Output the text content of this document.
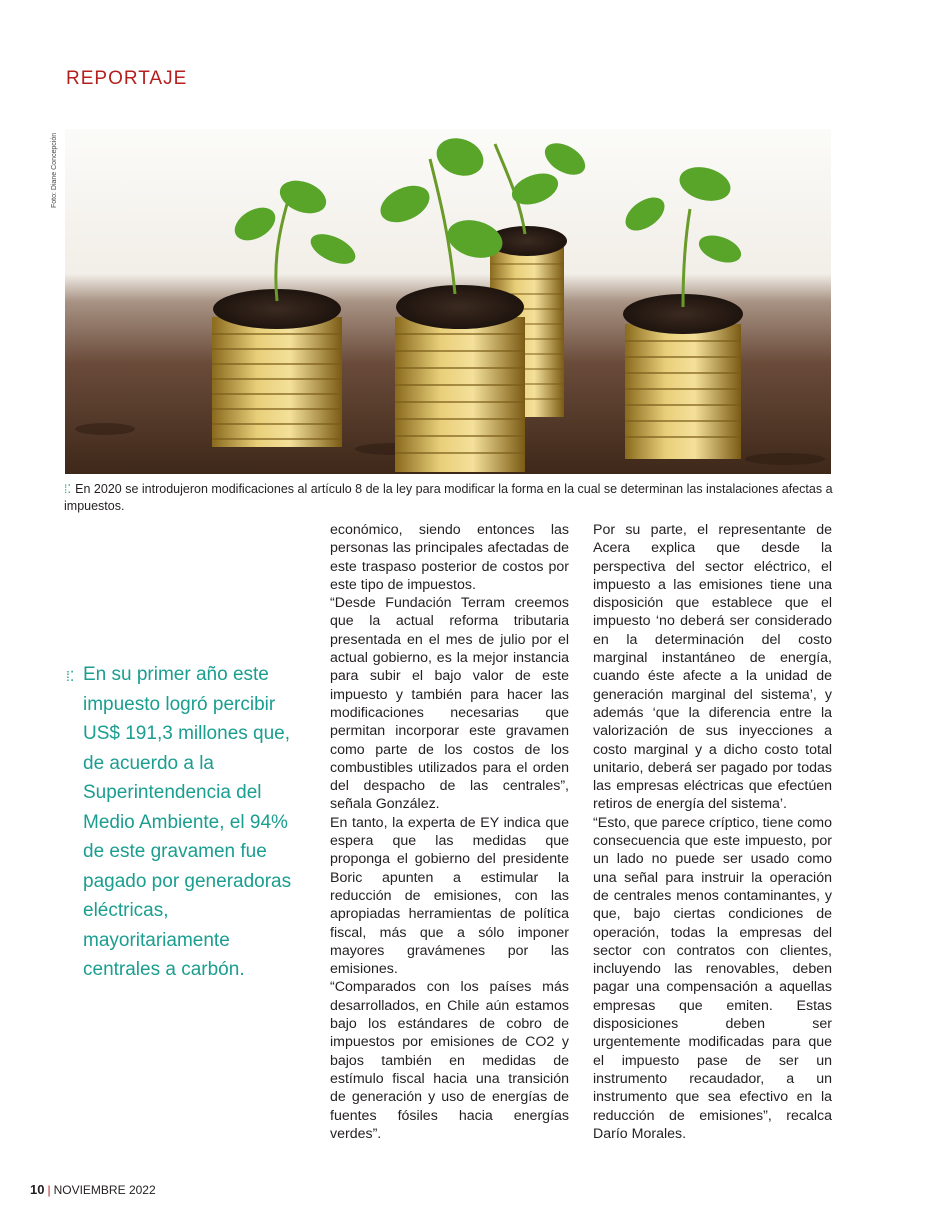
REPORTAJE
Foto: Diane Concepción
⁞⁚ En 2020 se introdujeron modificaciones al artículo 8 de la ley para modificar la forma en la cual se determinan las instalaciones afectas a impuestos.
⁞⁚ En su primer año este impuesto logró percibir US$ 191,3 millones que, de acuerdo a la Superintendencia del Medio Ambiente, el 94% de este gravamen fue pagado por generadoras eléctricas, mayoritariamente centrales a carbón.

económico, siendo entonces las personas las principales afectadas de este traspaso posterior de costos por este tipo de impuestos.

“Desde Fundación Terram creemos que la actual reforma tributaria presentada en el mes de julio por el actual gobierno, es la mejor instancia para subir el bajo valor de este impuesto y también para hacer las modificaciones necesarias que permitan incorporar este gravamen como parte de los costos de los combustibles utilizados para el orden del despacho de las centrales”, señala González.

En tanto, la experta de EY indica que espera que las medidas que proponga el gobierno del presidente Boric apunten a estimular la reducción de emisiones, con las apropiadas herramientas de política fiscal, más que a sólo imponer mayores gravámenes por las emisiones.

“Comparados con los países más desarrollados, en Chile aún estamos bajo los estándares de cobro de impuestos por emisiones de CO2 y bajos también en medidas de estímulo fiscal hacia una transición de generación y uso de energías de fuentes fósiles hacia energías verdes”.

Por su parte, el representante de Acera explica que desde la perspectiva del sector eléctrico, el impuesto a las emisiones tiene una disposición que establece que el impuesto ‘no deberá ser considerado en la determinación del costo marginal instantáneo de energía, cuando éste afecte a la unidad de generación marginal del sistema’, y además ‘que la diferencia entre la valorización de sus inyecciones a costo marginal y a dicho costo total unitario, deberá ser pagado por todas las empresas eléctricas que efectúen retiros de energía del sistema’.

“Esto, que parece críptico, tiene como consecuencia que este impuesto, por un lado no puede ser usado como una señal para instruir la operación de centrales menos contaminantes, y que, bajo ciertas condiciones de operación, todas la empresas del sector con contratos con clientes, incluyendo las renovables, deben pagar una compensación a aquellas empresas que emiten. Estas disposiciones deben ser urgentemente modificadas para que el impuesto pase de ser un instrumento recaudador, a un instrumento que sea efectivo en la reducción de emisiones”, recalca Darío Morales.

10 | NOVIEMBRE 2022
